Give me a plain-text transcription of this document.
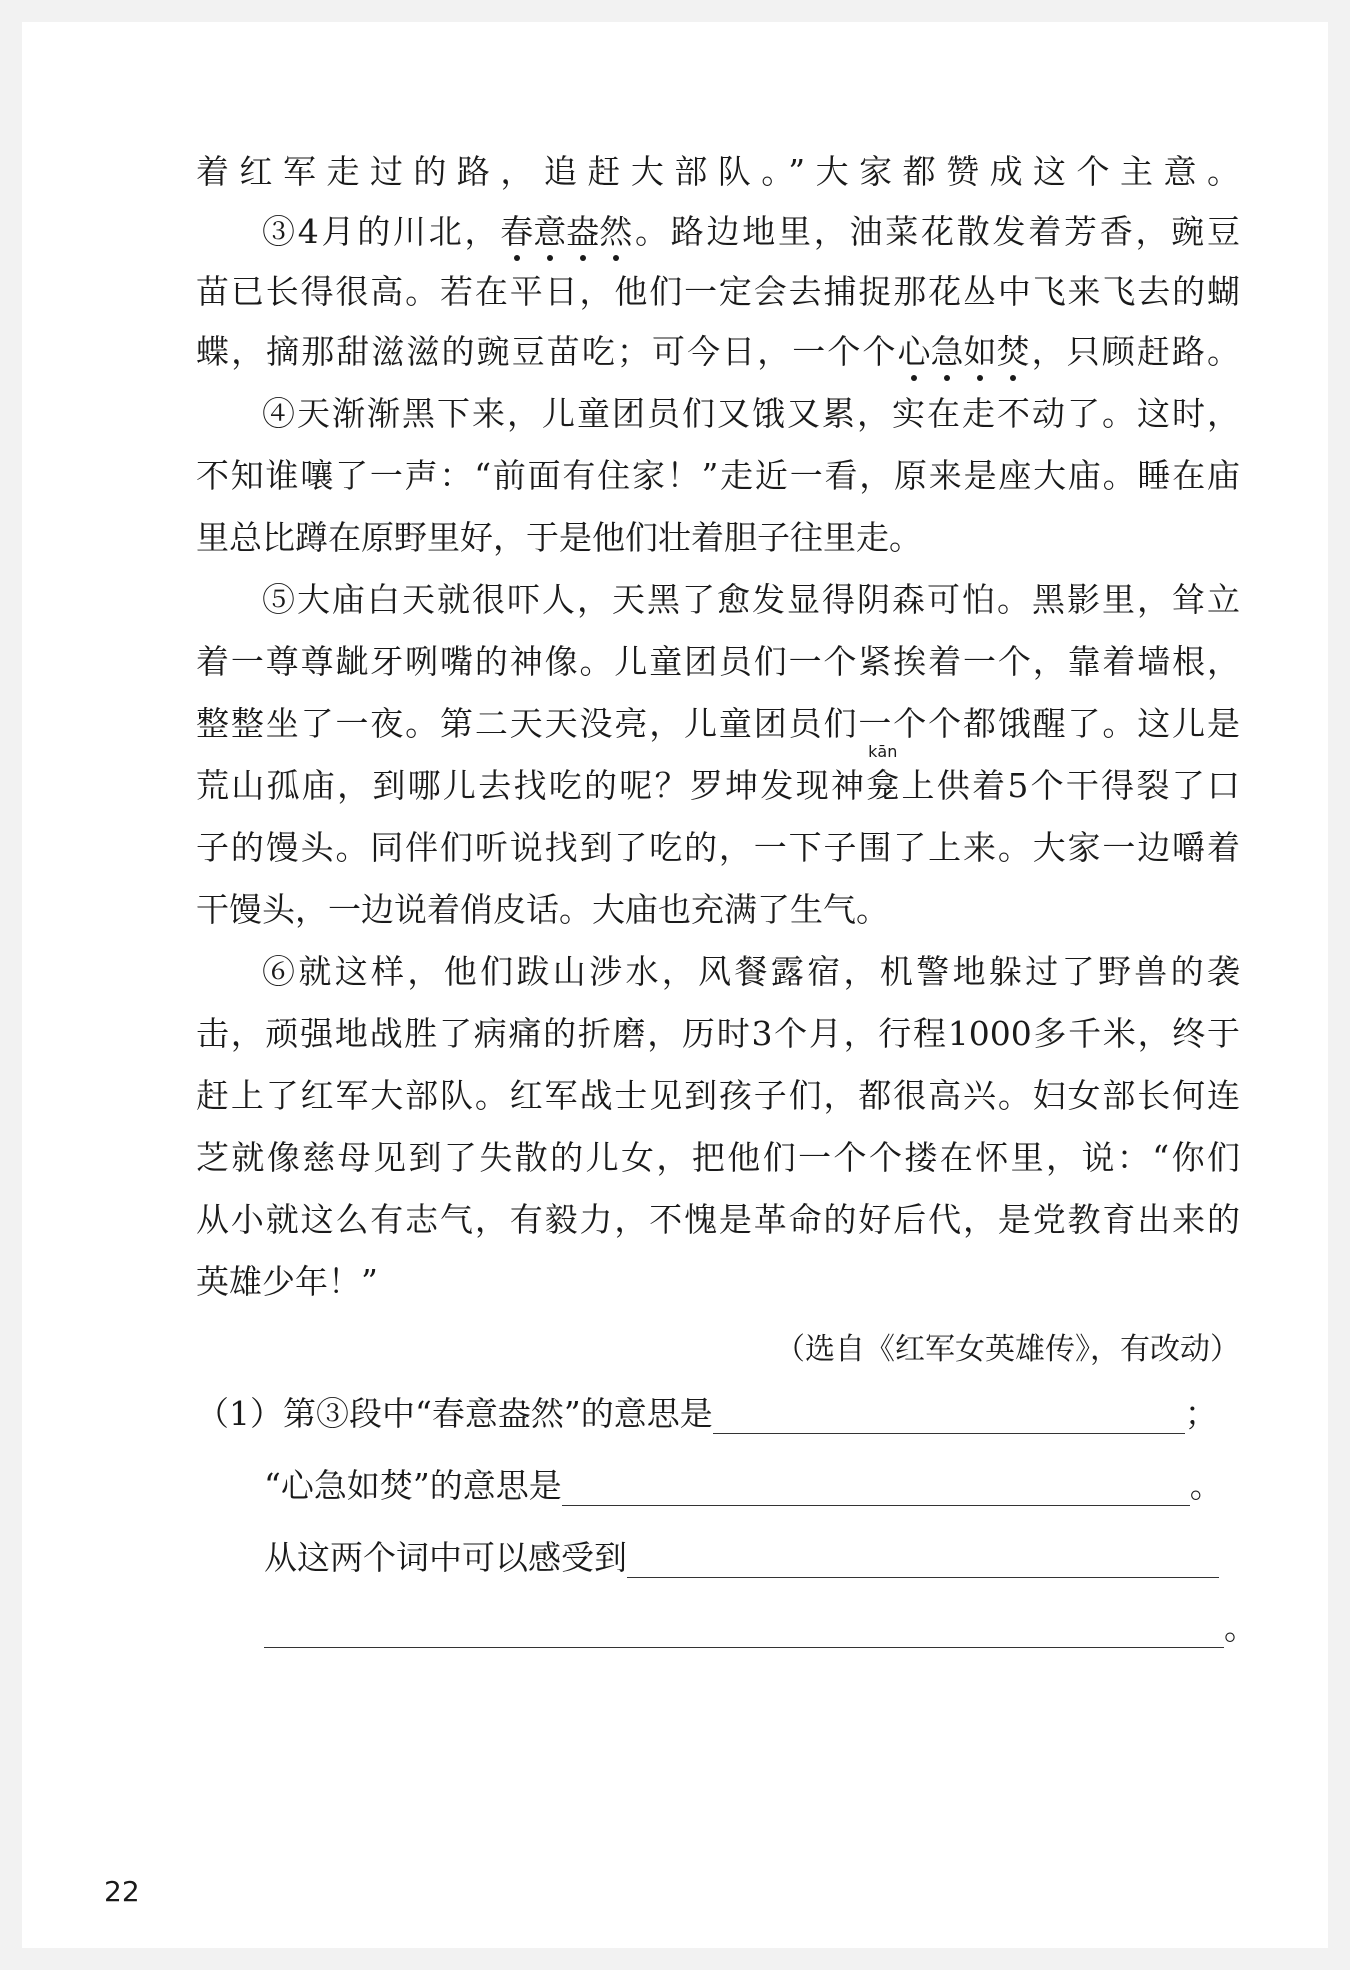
着红军走过的路，追赶大部队。”大家都赞成这个主意。
③4月的川北，春意盎然。路边地里，油菜花散发着芳香，豌豆
苗已长得很高。若在平日，他们一定会去捕捉那花丛中飞来飞去的蝴
蝶，摘那甜滋滋的豌豆苗吃；可今日，一个个心急如焚，只顾赶路。
④天渐渐黑下来，儿童团员们又饿又累，实在走不动了。这时，
不知谁嚷了一声：“前面有住家！”走近一看，原来是座大庙。睡在庙
里总比蹲在原野里好，于是他们壮着胆子往里走。
⑤大庙白天就很吓人，天黑了愈发显得阴森可怕。黑影里，耸立
着一尊尊龇牙咧嘴的神像。儿童团员们一个紧挨着一个，靠着墙根，
整整坐了一夜。第二天天没亮，儿童团员们一个个都饿醒了。这儿是
荒山孤庙，到哪儿去找吃的呢？罗坤发现神龛
kān
上供着5个干得裂了口
子的馒头。同伴们听说找到了吃的，一下子围了上来。大家一边嚼着
干馒头，一边说着俏皮话。大庙也充满了生气。
⑥就这样，他们跋山涉水，风餐露宿，机警地躲过了野兽的袭
击，顽强地战胜了病痛的折磨，历时3个月，行程1000多千米，终于
赶上了红军大部队。红军战士见到孩子们，都很高兴。妇女部长何连
芝就像慈母见到了失散的儿女，把他们一个个搂在怀里，说：“你们
从小就这么有志气，有毅力，不愧是革命的好后代，是党教育出来的
英雄少年！”
（选自《红军女英雄传》，有改动）
（1） 第③段中“春意盎然”的意思是	；
“心急如焚”的意思是	。
从这两个词中可以感受到
。
22
